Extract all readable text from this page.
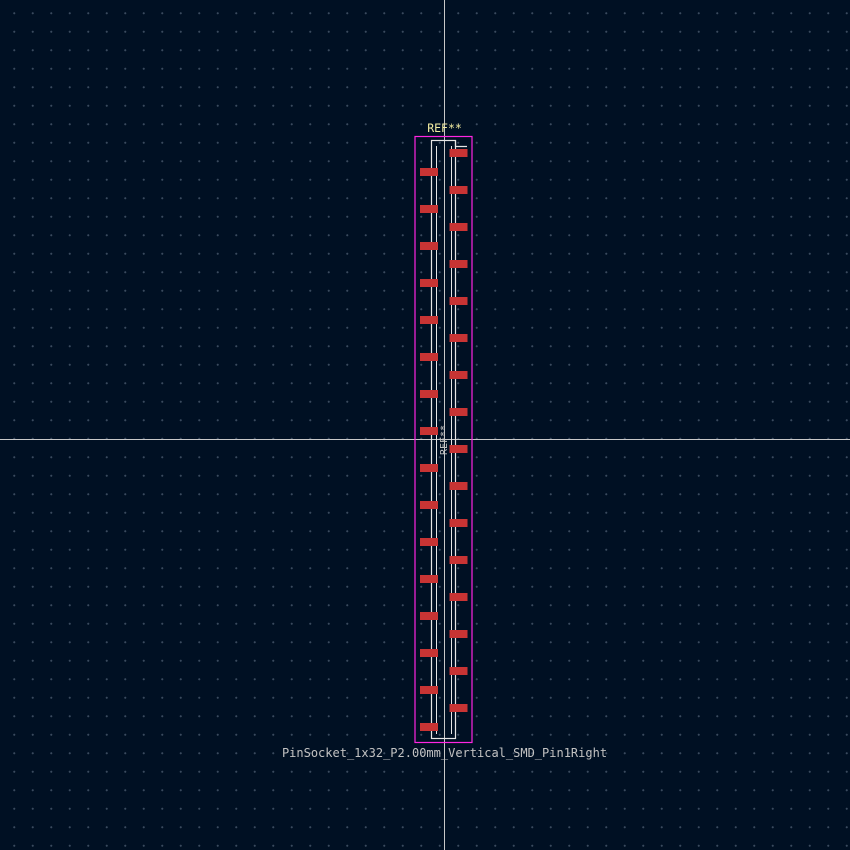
REF**
REF**
PinSocket_1x32_P2.00mm_Vertical_SMD_Pin1Right
